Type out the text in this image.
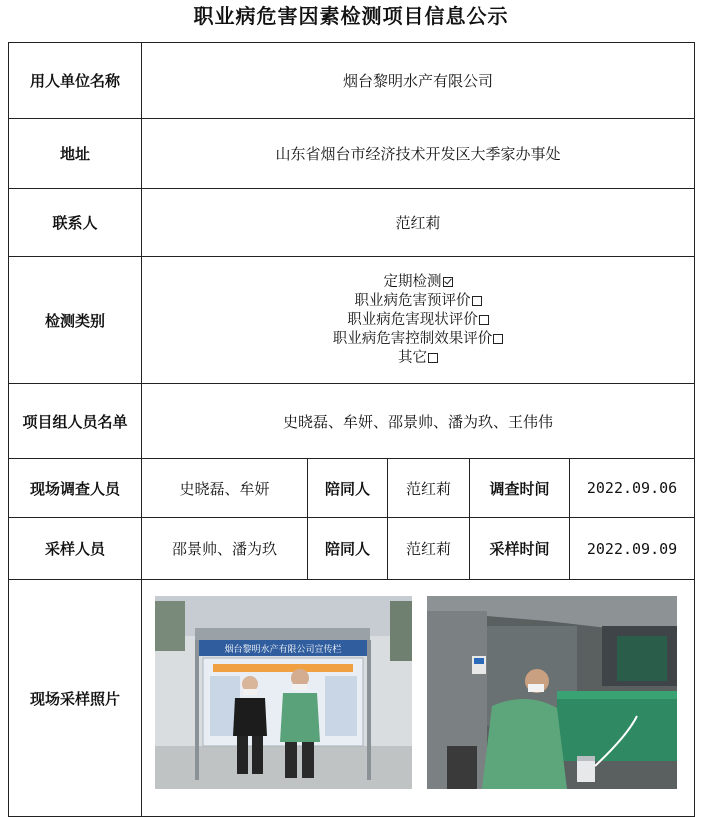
职业病危害因素检测项目信息公示
用人单位名称	烟台黎明水产有限公司				
地址	山东省烟台市经济技术开发区大季家办事处				
联系人	范红莉				
检测类别	定期检测
职业病危害预评价
职业病危害现状评价
职业病危害控制效果评价
其它				

项目组人员名单	史晓磊、牟妍、邵景帅、潘为玖、王伟伟				
现场调查人员	史晓磊、牟妍	陪同人	范红莉	调查时间	2022.09.06
采样人员	邵景帅、潘为玖	陪同人	范红莉	采样时间	2022.09.09
现场采样照片	烟台黎明水产有限公司宣传栏				
